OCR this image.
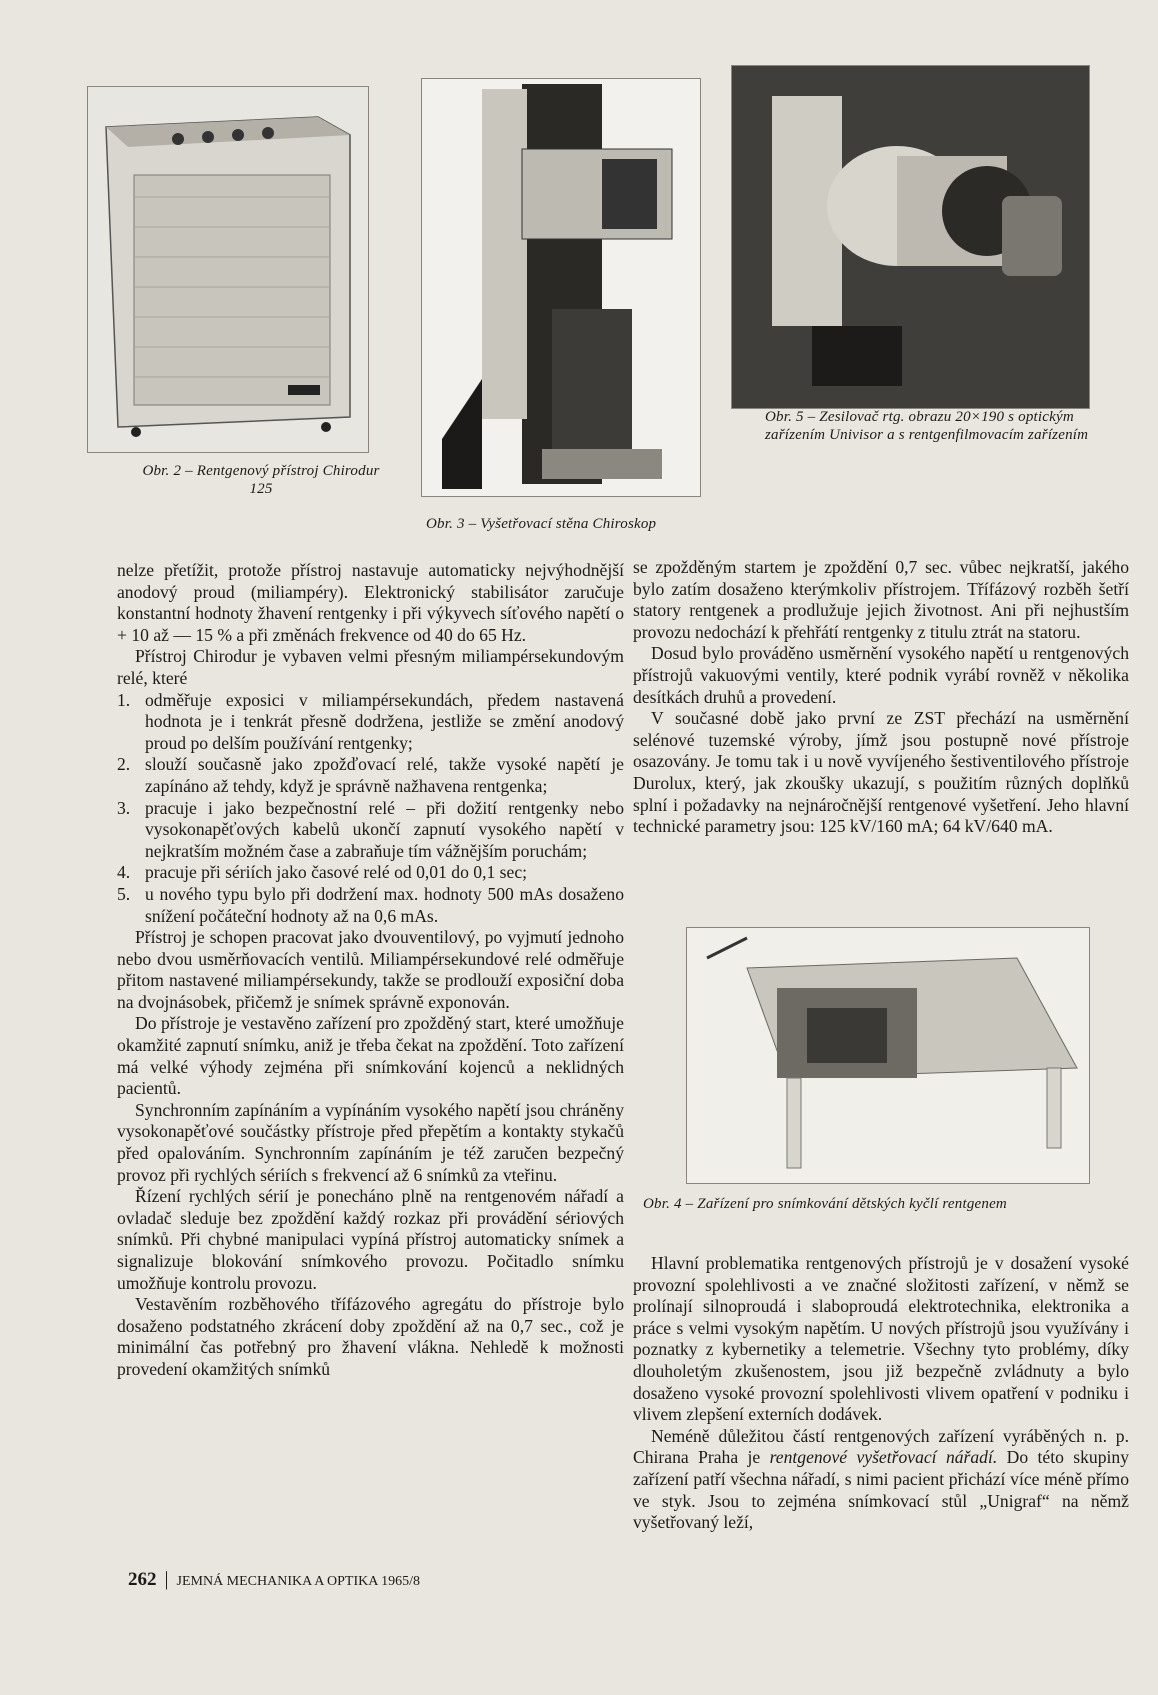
Obr. 2 – Rentgenový přístroj Chirodur
125
Obr. 3 – Vyšetřovací stěna Chiroskop
Obr. 5 – Zesilovač rtg. obrazu 20×190 s optickým
zařízením Univisor a s rentgenfilmovacím zařízením
Obr. 4 – Zařízení pro snímkování dětských kyčlí rentgenem

nelze přetížit, protože přístroj nastavuje automaticky nejvýhodnější anodový proud (miliampéry). Elektronický stabilisátor zaručuje konstantní hodnoty žhavení rentgenky i při výkyvech síťového napětí o + 10 až — 15 % a při změnách frekvence od 40 do 65 Hz.

Přístroj Chirodur je vybaven velmi přesným miliampérsekundovým relé, které

1. odměřuje exposici v miliampérsekundách, předem nastavená hodnota je i tenkrát přesně dodržena, jestliže se změní anodový proud po delším používání rentgenky;
2. slouží současně jako zpožďovací relé, takže vysoké napětí je zapínáno až tehdy, když je správně nažhavena rentgenka;
3. pracuje i jako bezpečnostní relé – při dožití rentgenky nebo vysokonapěťových kabelů ukončí zapnutí vysokého napětí v nejkratším možném čase a zabraňuje tím vážnějším poruchám;
4. pracuje při sériích jako časové relé od 0,01 do 0,1 sec;
5. u nového typu bylo při dodržení max. hodnoty 500 mAs dosaženo snížení počáteční hodnoty až na 0,6 mAs.

Přístroj je schopen pracovat jako dvouventilový, po vyjmutí jednoho nebo dvou usměrňovacích ventilů. Miliampérsekundové relé odměřuje přitom nastavené miliampérsekundy, takže se prodlouží exposiční doba na dvojnásobek, přičemž je snímek správně exponován.

Do přístroje je vestavěno zařízení pro zpožděný start, které umožňuje okamžité zapnutí snímku, aniž je třeba čekat na zpoždění. Toto zařízení má velké výhody zejména při snímkování kojenců a neklidných pacientů.

Synchronním zapínáním a vypínáním vysokého napětí jsou chráněny vysokonapěťové součástky přístroje před přepětím a kontakty stykačů před opalováním. Synchronním zapínáním je též zaručen bezpečný provoz při rychlých sériích s frekvencí až 6 snímků za vteřinu.

Řízení rychlých sérií je ponecháno plně na rentgenovém nářadí a ovladač sleduje bez zpoždění každý rozkaz při provádění sériových snímků. Při chybné manipulaci vypíná přístroj automaticky snímek a signalizuje blokování snímkového provozu. Počitadlo snímku umožňuje kontrolu provozu.

Vestavěním rozběhového třífázového agregátu do přístroje bylo dosaženo podstatného zkrácení doby zpoždění až na 0,7 sec., což je minimální čas potřebný pro žhavení vlákna. Nehledě k možnosti provedení okamžitých snímků

se zpožděným startem je zpoždění 0,7 sec. vůbec nejkratší, jakého bylo zatím dosaženo kterýmkoliv přístrojem. Třífázový rozběh šetří statory rentgenek a prodlužuje jejich životnost. Ani při nejhustším provozu nedochází k přehřátí rentgenky z titulu ztrát na statoru.

Dosud bylo prováděno usměrnění vysokého napětí u rentgenových přístrojů vakuovými ventily, které podnik vyrábí rovněž v několika desítkách druhů a provedení.

V současné době jako první ze ZST přechází na usměrnění selénové tuzemské výroby, jímž jsou postupně nové přístroje osazovány. Je tomu tak i u nově vyvíjeného šestiventilového přístroje Durolux, který, jak zkoušky ukazují, s použitím různých doplňků splní i požadavky na nejnáročnější rentgenové vyšetření. Jeho hlavní technické parametry jsou: 125 kV/160 mA; 64 kV/640 mA.

Hlavní problematika rentgenových přístrojů je v dosažení vysoké provozní spolehlivosti a ve značné složitosti zařízení, v němž se prolínají silnoproudá i slaboproudá elektrotechnika, elektronika a práce s velmi vysokým napětím. U nových přístrojů jsou využívány i poznatky z kybernetiky a telemetrie. Všechny tyto problémy, díky dlouholetým zkušenostem, jsou již bezpečně zvládnuty a bylo dosaženo vysoké provozní spolehlivosti vlivem opatření v podniku i vlivem zlepšení externích dodávek.

Neméně důležitou částí rentgenových zařízení vyráběných n. p. Chirana Praha je rentgenové vyšetřovací nářadí. Do této skupiny zařízení patří všechna nářadí, s nimi pacient přichází více méně přímo ve styk. Jsou to zejména snímkovací stůl „Unigraf“ na němž vyšetřovaný leží,

262 | JEMNÁ MECHANIKA A OPTIKA 1965/8
